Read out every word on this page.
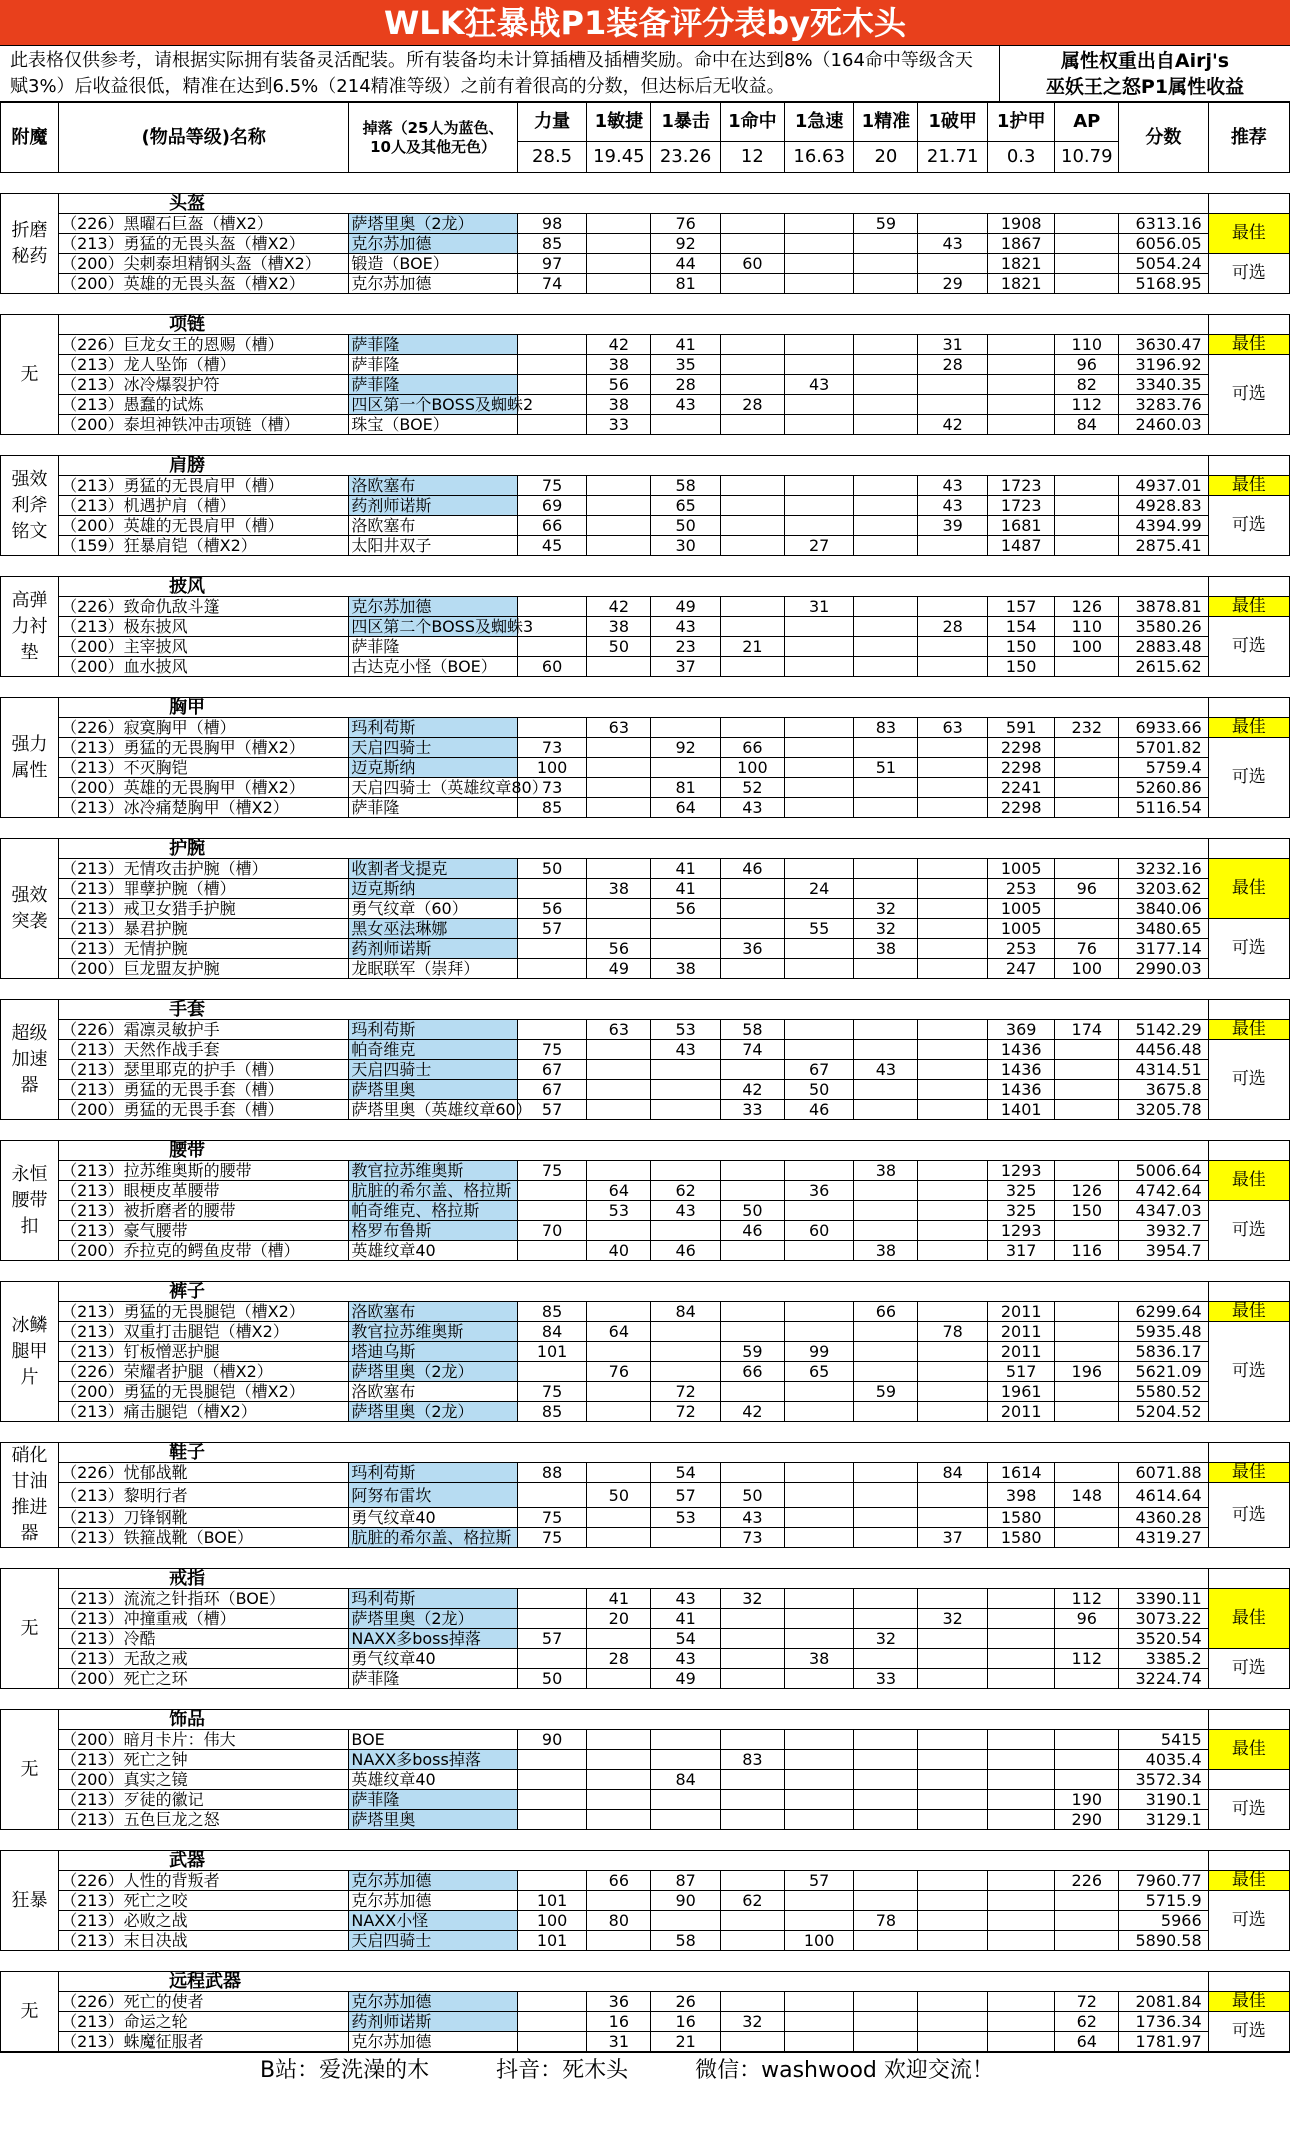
WLK狂暴战P1装备评分表by死木头
此表格仅供参考，请根据实际拥有装备灵活配装。所有装备均未计算插槽及插槽奖励。命中在达到8%（164命中等级含天赋3%）后收益很低，精准在达到6.5%（214精准等级）之前有着很高的分数，但达标后无收益。
属性权重出自Airj's
巫妖王之怒P1属性收益
附魔	(物品等级)名称	掉落（25人为蓝色、10人及其他无色）	力量	1敏捷	1暴击	1命中	1急速	1精准	1破甲	1护甲	AP	分数	推荐
			28.5	19.45	23.26	12	16.63	20	21.71	0.3	10.79		

折磨秘药	头盔												
	（226）黑曜石巨盔（槽X2）	萨塔里奥（2龙）	98		76			59		1908		6313.16	最佳
	（213）勇猛的无畏头盔（槽X2）	克尔苏加德	85		92				43	1867		6056.05	
	（200）尖刺泰坦精钢头盔（槽X2）	锻造（BOE）	97		44	60				1821		5054.24	可选
	（200）英雄的无畏头盔（槽X2）	克尔苏加德	74		81				29	1821		5168.95	

无	项链												
	（226）巨龙女王的恩赐（槽）	萨菲隆		42	41				31		110	3630.47	最佳
	（213）龙人坠饰（槽）	萨菲隆		38	35				28		96	3196.92	可选
	（213）冰冷爆裂护符	萨菲隆		56	28		43				82	3340.35	
	（213）愚蠢的试炼	四区第一个BOSS及蜘蛛2		38	43	28					112	3283.76	
	（200）泰坦神铁冲击项链（槽）	珠宝（BOE）		33					42		84	2460.03	

强效利斧铭文	肩膀												
	（213）勇猛的无畏肩甲（槽）	洛欧塞布	75		58				43	1723		4937.01	最佳
	（213）机遇护肩（槽）	药剂师诺斯	69		65				43	1723		4928.83	可选
	（200）英雄的无畏肩甲（槽）	洛欧塞布	66		50				39	1681		4394.99	
	（159）狂暴肩铠（槽X2）	太阳井双子	45		30		27			1487		2875.41	

高弹力衬垫	披风												
	（226）致命仇敌斗篷	克尔苏加德		42	49		31			157	126	3878.81	最佳
	（213）极东披风	四区第二个BOSS及蜘蛛3		38	43				28	154	110	3580.26	可选
	（200）主宰披风	萨菲隆		50	23	21				150	100	2883.48	
	（200）血水披风	古达克小怪（BOE）	60		37					150		2615.62	

强力属性	胸甲												
	（226）寂寞胸甲（槽）	玛利苟斯		63				83	63	591	232	6933.66	最佳
	（213）勇猛的无畏胸甲（槽X2）	天启四骑士	73		92	66				2298		5701.82	可选
	（213）不灭胸铠	迈克斯纳	100			100		51		2298		5759.4	
	（200）英雄的无畏胸甲（槽X2）	天启四骑士（英雄纹章80）	73		81	52				2241		5260.86	
	（213）冰冷痛楚胸甲（槽X2）	萨菲隆	85		64	43				2298		5116.54	

强效突袭	护腕												
	（213）无情攻击护腕（槽）	收割者戈提克	50		41	46				1005		3232.16	最佳
	（213）罪孽护腕（槽）	迈克斯纳		38	41		24			253	96	3203.62	
	（213）戒卫女猎手护腕	勇气纹章（60）	56		56			32		1005		3840.06	
	（213）暴君护腕	黑女巫法琳娜	57				55	32		1005		3480.65	可选
	（213）无情护腕	药剂师诺斯		56		36		38		253	76	3177.14	
	（200）巨龙盟友护腕	龙眠联军（崇拜）		49	38					247	100	2990.03	

超级加速器	手套												
	（226）霜凛灵敏护手	玛利苟斯		63	53	58				369	174	5142.29	最佳
	（213）天然作战手套	帕奇维克	75		43	74				1436		4456.48	可选
	（213）瑟里耶克的护手（槽）	天启四骑士	67				67	43		1436		4314.51	
	（213）勇猛的无畏手套（槽）	萨塔里奥	67			42	50			1436		3675.8	
	（200）勇猛的无畏手套（槽）	萨塔里奥（英雄纹章60）	57			33	46			1401		3205.78	

永恒腰带扣	腰带												
	（213）拉苏维奥斯的腰带	教官拉苏维奥斯	75					38		1293		5006.64	最佳
	（213）眼梗皮革腰带	肮脏的希尔盖、格拉斯		64	62		36			325	126	4742.64	
	（213）被折磨者的腰带	帕奇维克、格拉斯		53	43	50				325	150	4347.03	可选
	（213）豪气腰带	格罗布鲁斯	70			46	60			1293		3932.7	
	（200）乔拉克的鳄鱼皮带（槽）	英雄纹章40		40	46			38		317	116	3954.7	

冰鳞腿甲片	裤子												
	（213）勇猛的无畏腿铠（槽X2）	洛欧塞布	85		84			66		2011		6299.64	最佳
	（213）双重打击腿铠（槽X2）	教官拉苏维奥斯	84	64					78	2011		5935.48	可选
	（213）钉板憎恶护腿	塔迪乌斯	101			59	99			2011		5836.17	
	（226）荣耀者护腿（槽X2）	萨塔里奥（2龙）		76		66	65			517	196	5621.09	
	（200）勇猛的无畏腿铠（槽X2）	洛欧塞布	75		72			59		1961		5580.52	
	（213）痛击腿铠（槽X2）	萨塔里奥（2龙）	85		72	42				2011		5204.52	

硝化甘油推进器	鞋子												
	（226）忧郁战靴	玛利苟斯	88		54				84	1614		6071.88	最佳
	（213）黎明行者	阿努布雷坎		50	57	50				398	148	4614.64	可选
	（213）刀锋钢靴	勇气纹章40	75		53	43				1580		4360.28	
	（213）铁箍战靴（BOE）	肮脏的希尔盖、格拉斯	75			73			37	1580		4319.27	

无	戒指												
	（213）流流之针指环（BOE）	玛利苟斯		41	43	32					112	3390.11	最佳
	（213）冲撞重戒（槽）	萨塔里奥（2龙）		20	41				32		96	3073.22	
	（213）冷酷	NAXX多boss掉落	57		54			32				3520.54	
	（213）无敌之戒	勇气纹章40		28	43		38				112	3385.2	可选
	（200）死亡之环	萨菲隆	50		49			33				3224.74	

无	饰品												
	（200）暗月卡片：伟大	BOE	90									5415	最佳
	（213）死亡之钟	NAXX多boss掉落				83						4035.4	
	（200）真实之镜	英雄纹章40			84							3572.34	
	（213）歹徒的徽记	萨菲隆									190	3190.1	可选
	（213）五色巨龙之怒	萨塔里奥									290	3129.1	

狂暴	武器												
	（226）人性的背叛者	克尔苏加德		66	87		57				226	7960.77	最佳
	（213）死亡之咬	克尔苏加德	101		90	62						5715.9	可选
	（213）必败之战	NAXX小怪	100	80				78				5966	
	（213）末日决战	天启四骑士	101		58		100					5890.58	

无	远程武器												
	（226）死亡的使者	克尔苏加德		36	26						72	2081.84	最佳
	（213）命运之轮	药剂师诺斯		16	16	32					62	1736.34	可选
	（213）蛛魔征服者	克尔苏加德		31	21						64	1781.97	
B站：爱洗澡的木	抖音：死木头	微信：washwood 欢迎交流！
